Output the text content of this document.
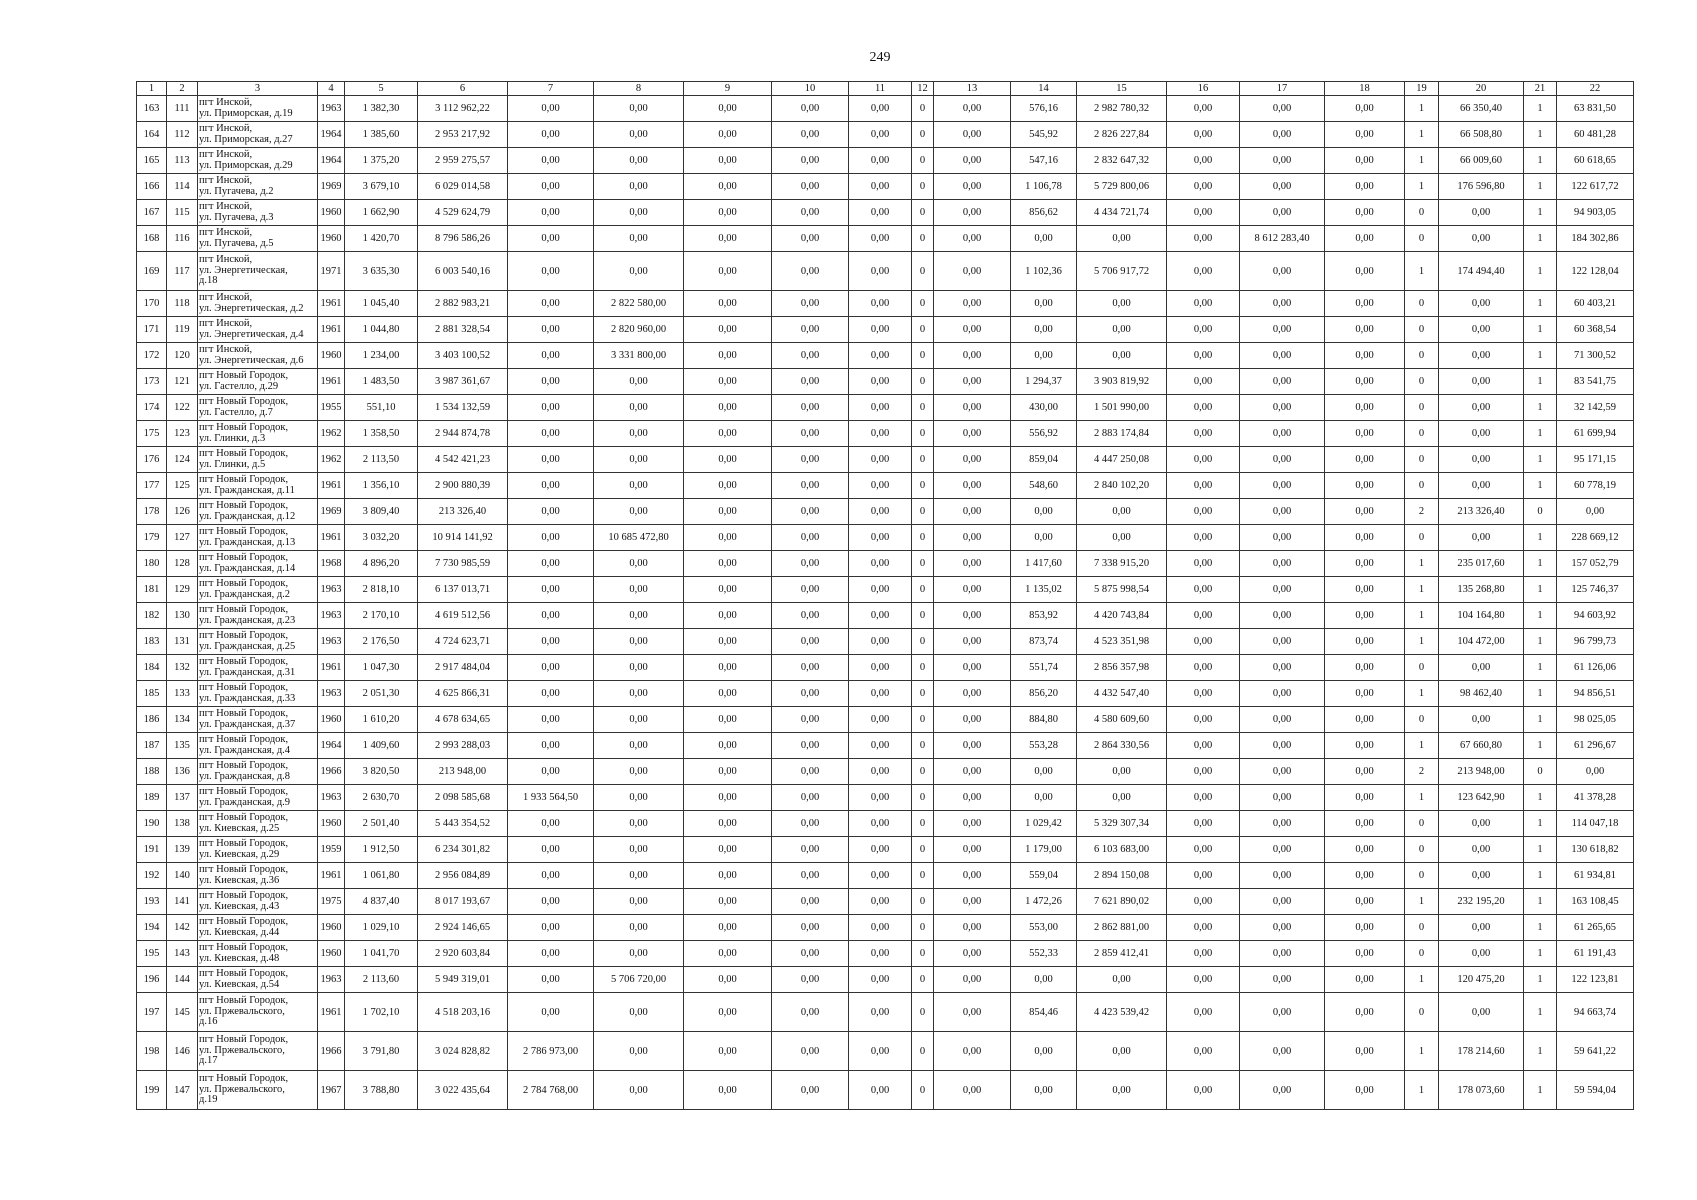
249
1	2	3	4	5	6	7	8	9	10	11	12	13	14	15	16	17	18	19	20	21	22
163	111	пгт Инской,
ул. Приморская, д.19	1963	1 382,30	3 112 962,22	0,00	0,00	0,00	0,00	0,00	0	0,00	576,16	2 982 780,32	0,00	0,00	0,00	1	66 350,40	1	63 831,50
164	112	пгт Инской,
ул. Приморская, д.27	1964	1 385,60	2 953 217,92	0,00	0,00	0,00	0,00	0,00	0	0,00	545,92	2 826 227,84	0,00	0,00	0,00	1	66 508,80	1	60 481,28
165	113	пгт Инской,
ул. Приморская, д.29	1964	1 375,20	2 959 275,57	0,00	0,00	0,00	0,00	0,00	0	0,00	547,16	2 832 647,32	0,00	0,00	0,00	1	66 009,60	1	60 618,65
166	114	пгт Инской,
ул. Пугачева, д.2	1969	3 679,10	6 029 014,58	0,00	0,00	0,00	0,00	0,00	0	0,00	1 106,78	5 729 800,06	0,00	0,00	0,00	1	176 596,80	1	122 617,72
167	115	пгт Инской,
ул. Пугачева, д.3	1960	1 662,90	4 529 624,79	0,00	0,00	0,00	0,00	0,00	0	0,00	856,62	4 434 721,74	0,00	0,00	0,00	0	0,00	1	94 903,05
168	116	пгт Инской,
ул. Пугачева, д.5	1960	1 420,70	8 796 586,26	0,00	0,00	0,00	0,00	0,00	0	0,00	0,00	0,00	0,00	8 612 283,40	0,00	0	0,00	1	184 302,86
169	117	пгт Инской,
ул. Энергетическая,
д.18	1971	3 635,30	6 003 540,16	0,00	0,00	0,00	0,00	0,00	0	0,00	1 102,36	5 706 917,72	0,00	0,00	0,00	1	174 494,40	1	122 128,04
170	118	пгт Инской,
ул. Энергетическая, д.2	1961	1 045,40	2 882 983,21	0,00	2 822 580,00	0,00	0,00	0,00	0	0,00	0,00	0,00	0,00	0,00	0,00	0	0,00	1	60 403,21
171	119	пгт Инской,
ул. Энергетическая, д.4	1961	1 044,80	2 881 328,54	0,00	2 820 960,00	0,00	0,00	0,00	0	0,00	0,00	0,00	0,00	0,00	0,00	0	0,00	1	60 368,54
172	120	пгт Инской,
ул. Энергетическая, д.6	1960	1 234,00	3 403 100,52	0,00	3 331 800,00	0,00	0,00	0,00	0	0,00	0,00	0,00	0,00	0,00	0,00	0	0,00	1	71 300,52
173	121	пгт Новый Городок,
ул. Гастелло, д.29	1961	1 483,50	3 987 361,67	0,00	0,00	0,00	0,00	0,00	0	0,00	1 294,37	3 903 819,92	0,00	0,00	0,00	0	0,00	1	83 541,75
174	122	пгт Новый Городок,
ул. Гастелло, д.7	1955	551,10	1 534 132,59	0,00	0,00	0,00	0,00	0,00	0	0,00	430,00	1 501 990,00	0,00	0,00	0,00	0	0,00	1	32 142,59
175	123	пгт Новый Городок,
ул. Глинки, д.3	1962	1 358,50	2 944 874,78	0,00	0,00	0,00	0,00	0,00	0	0,00	556,92	2 883 174,84	0,00	0,00	0,00	0	0,00	1	61 699,94
176	124	пгт Новый Городок,
ул. Глинки, д.5	1962	2 113,50	4 542 421,23	0,00	0,00	0,00	0,00	0,00	0	0,00	859,04	4 447 250,08	0,00	0,00	0,00	0	0,00	1	95 171,15
177	125	пгт Новый Городок,
ул. Гражданская, д.11	1961	1 356,10	2 900 880,39	0,00	0,00	0,00	0,00	0,00	0	0,00	548,60	2 840 102,20	0,00	0,00	0,00	0	0,00	1	60 778,19
178	126	пгт Новый Городок,
ул. Гражданская, д.12	1969	3 809,40	213 326,40	0,00	0,00	0,00	0,00	0,00	0	0,00	0,00	0,00	0,00	0,00	0,00	2	213 326,40	0	0,00
179	127	пгт Новый Городок,
ул. Гражданская, д.13	1961	3 032,20	10 914 141,92	0,00	10 685 472,80	0,00	0,00	0,00	0	0,00	0,00	0,00	0,00	0,00	0,00	0	0,00	1	228 669,12
180	128	пгт Новый Городок,
ул. Гражданская, д.14	1968	4 896,20	7 730 985,59	0,00	0,00	0,00	0,00	0,00	0	0,00	1 417,60	7 338 915,20	0,00	0,00	0,00	1	235 017,60	1	157 052,79
181	129	пгт Новый Городок,
ул. Гражданская, д.2	1963	2 818,10	6 137 013,71	0,00	0,00	0,00	0,00	0,00	0	0,00	1 135,02	5 875 998,54	0,00	0,00	0,00	1	135 268,80	1	125 746,37
182	130	пгт Новый Городок,
ул. Гражданская, д.23	1963	2 170,10	4 619 512,56	0,00	0,00	0,00	0,00	0,00	0	0,00	853,92	4 420 743,84	0,00	0,00	0,00	1	104 164,80	1	94 603,92
183	131	пгт Новый Городок,
ул. Гражданская, д.25	1963	2 176,50	4 724 623,71	0,00	0,00	0,00	0,00	0,00	0	0,00	873,74	4 523 351,98	0,00	0,00	0,00	1	104 472,00	1	96 799,73
184	132	пгт Новый Городок,
ул. Гражданская, д.31	1961	1 047,30	2 917 484,04	0,00	0,00	0,00	0,00	0,00	0	0,00	551,74	2 856 357,98	0,00	0,00	0,00	0	0,00	1	61 126,06
185	133	пгт Новый Городок,
ул. Гражданская, д.33	1963	2 051,30	4 625 866,31	0,00	0,00	0,00	0,00	0,00	0	0,00	856,20	4 432 547,40	0,00	0,00	0,00	1	98 462,40	1	94 856,51
186	134	пгт Новый Городок,
ул. Гражданская, д.37	1960	1 610,20	4 678 634,65	0,00	0,00	0,00	0,00	0,00	0	0,00	884,80	4 580 609,60	0,00	0,00	0,00	0	0,00	1	98 025,05
187	135	пгт Новый Городок,
ул. Гражданская, д.4	1964	1 409,60	2 993 288,03	0,00	0,00	0,00	0,00	0,00	0	0,00	553,28	2 864 330,56	0,00	0,00	0,00	1	67 660,80	1	61 296,67
188	136	пгт Новый Городок,
ул. Гражданская, д.8	1966	3 820,50	213 948,00	0,00	0,00	0,00	0,00	0,00	0	0,00	0,00	0,00	0,00	0,00	0,00	2	213 948,00	0	0,00
189	137	пгт Новый Городок,
ул. Гражданская, д.9	1963	2 630,70	2 098 585,68	1 933 564,50	0,00	0,00	0,00	0,00	0	0,00	0,00	0,00	0,00	0,00	0,00	1	123 642,90	1	41 378,28
190	138	пгт Новый Городок,
ул. Киевская, д.25	1960	2 501,40	5 443 354,52	0,00	0,00	0,00	0,00	0,00	0	0,00	1 029,42	5 329 307,34	0,00	0,00	0,00	0	0,00	1	114 047,18
191	139	пгт Новый Городок,
ул. Киевская, д.29	1959	1 912,50	6 234 301,82	0,00	0,00	0,00	0,00	0,00	0	0,00	1 179,00	6 103 683,00	0,00	0,00	0,00	0	0,00	1	130 618,82
192	140	пгт Новый Городок,
ул. Киевская, д.36	1961	1 061,80	2 956 084,89	0,00	0,00	0,00	0,00	0,00	0	0,00	559,04	2 894 150,08	0,00	0,00	0,00	0	0,00	1	61 934,81
193	141	пгт Новый Городок,
ул. Киевская, д.43	1975	4 837,40	8 017 193,67	0,00	0,00	0,00	0,00	0,00	0	0,00	1 472,26	7 621 890,02	0,00	0,00	0,00	1	232 195,20	1	163 108,45
194	142	пгт Новый Городок,
ул. Киевская, д.44	1960	1 029,10	2 924 146,65	0,00	0,00	0,00	0,00	0,00	0	0,00	553,00	2 862 881,00	0,00	0,00	0,00	0	0,00	1	61 265,65
195	143	пгт Новый Городок,
ул. Киевская, д.48	1960	1 041,70	2 920 603,84	0,00	0,00	0,00	0,00	0,00	0	0,00	552,33	2 859 412,41	0,00	0,00	0,00	0	0,00	1	61 191,43
196	144	пгт Новый Городок,
ул. Киевская, д.54	1963	2 113,60	5 949 319,01	0,00	5 706 720,00	0,00	0,00	0,00	0	0,00	0,00	0,00	0,00	0,00	0,00	1	120 475,20	1	122 123,81
197	145	пгт Новый Городок,
ул. Пржевальского,
д.16	1961	1 702,10	4 518 203,16	0,00	0,00	0,00	0,00	0,00	0	0,00	854,46	4 423 539,42	0,00	0,00	0,00	0	0,00	1	94 663,74
198	146	пгт Новый Городок,
ул. Пржевальского,
д.17	1966	3 791,80	3 024 828,82	2 786 973,00	0,00	0,00	0,00	0,00	0	0,00	0,00	0,00	0,00	0,00	0,00	1	178 214,60	1	59 641,22
199	147	пгт Новый Городок,
ул. Пржевальского,
д.19	1967	3 788,80	3 022 435,64	2 784 768,00	0,00	0,00	0,00	0,00	0	0,00	0,00	0,00	0,00	0,00	0,00	1	178 073,60	1	59 594,04
